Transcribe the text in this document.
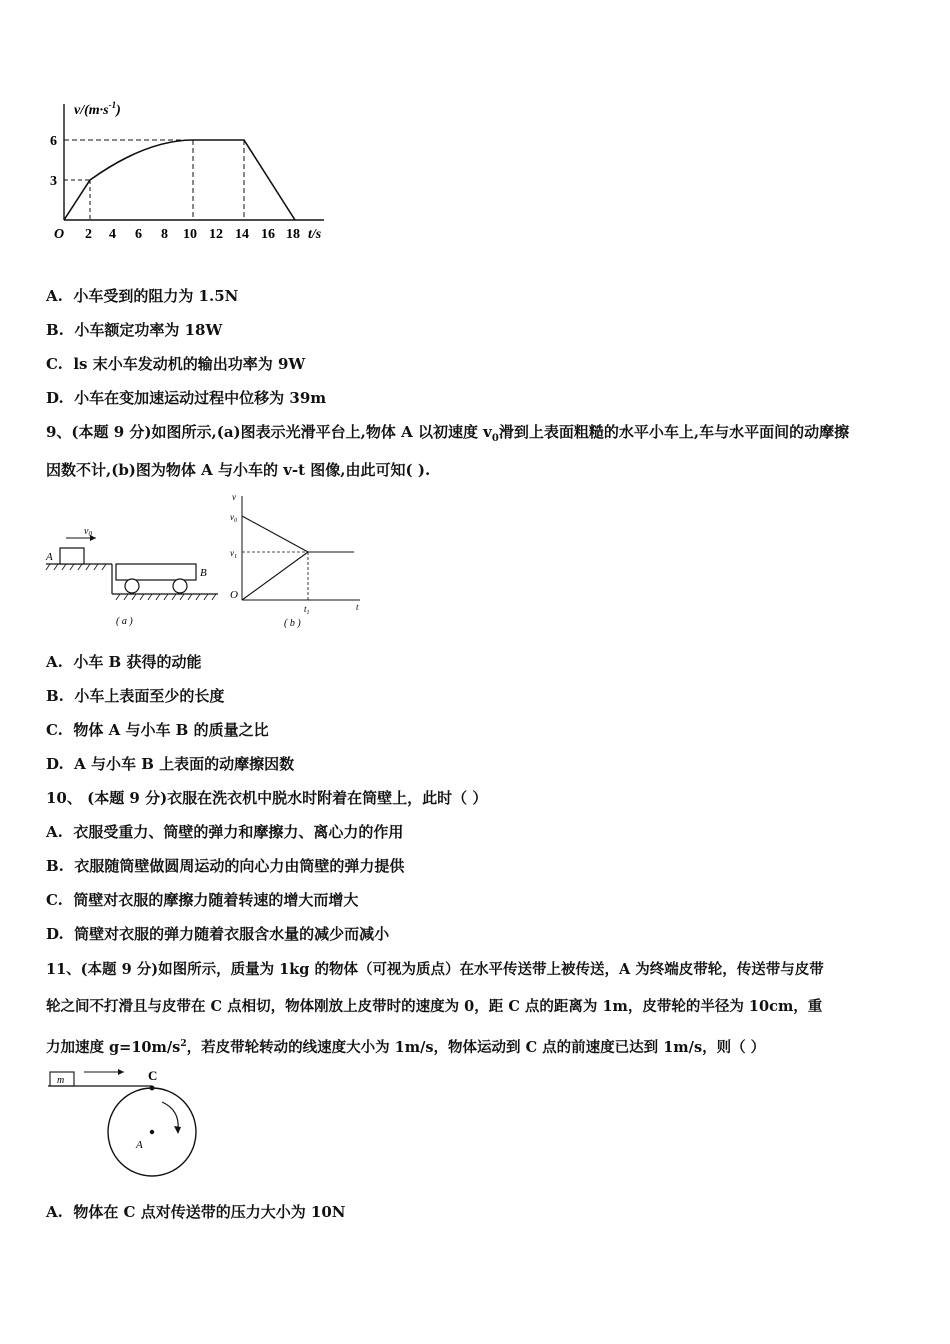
$v/(m\cdot s^{-1})$
6
3
O 2 4 6 8 10 12 14 16 18 t/s
A. 小车受到的阻力为 1.5N
B. 小车额定功率为 18W
C. ls 末小车发动机的输出功率为 9W
D. 小车在变加速运动过程中位移为 39m
9、(本题 9 分)如图所示,(a)图表示光滑平台上,物体 A 以初速度 $v_0$滑到上表面粗糙的水平小车上,车与水平面间的动摩擦
因数不计,(b)图为物体 A 与小车的 v-t 图像,由此可知( ).
A
$v_0$
B
( a )
v
$v_0$
$v_1$
O
$t_1$
t
( b )
A. 小车 B 获得的动能
B. 小车上表面至少的长度
C. 物体 A 与小车 B 的质量之比
D. A 与小车 B 上表面的动摩擦因数
10、 (本题 9 分)衣服在洗衣机中脱水时附着在筒壁上，此时（ ）
A. 衣服受重力、筒壁的弹力和摩擦力、离心力的作用
B. 衣服随筒壁做圆周运动的向心力由筒壁的弹力提供
C. 筒壁对衣服的摩擦力随着转速的增大而增大
D. 筒壁对衣服的弹力随着衣服含水量的减少而减小
11、(本题 9 分)如图所示，质量为 1kg 的物体（可视为质点）在水平传送带上被传送，A 为终端皮带轮，传送带与皮带
轮之间不打滑且与皮带在 C 点相切，物体刚放上皮带时的速度为 0，距 C 点的距离为 1m，皮带轮的半径为 10cm，重
力加速度 $g=10m/s^2$，若皮带轮转动的线速度大小为 1m/s，物体运动到 C 点的前速度已达到 1m/s，则（ ）
m	C
A
A. 物体在 C 点对传送带的压力大小为 10N
